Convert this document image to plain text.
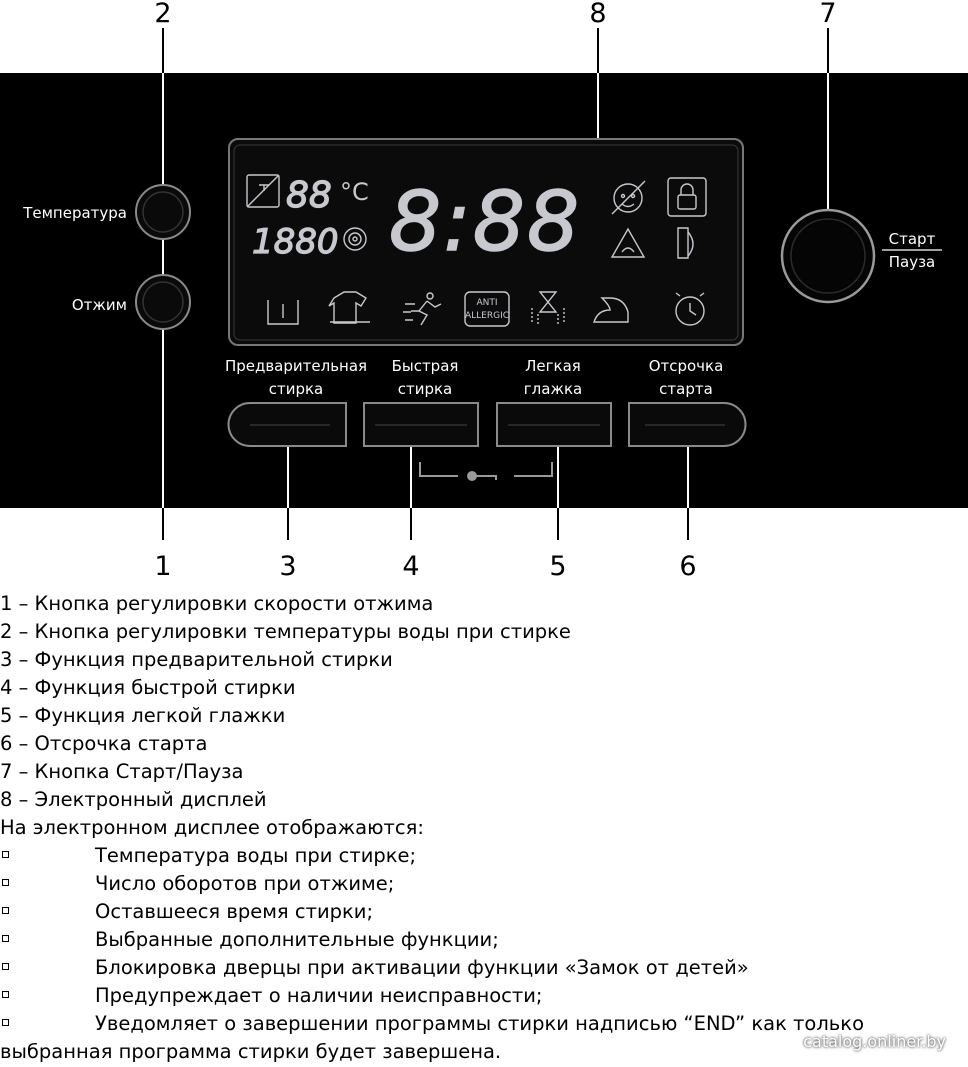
2	8	7
1	3	4	5	6
Температура
Отжим
Старт
Пауза
88 °C
1880 8:88
ANTI
ALLERGIC
Предварительная
стирка
Быстрая
стирка
Легкая
глажка
Отсрочка
старта
1 – Кнопка регулировки скорости отжима
2 – Кнопка регулировки температуры воды при стирке
3 – Функция предварительной стирки
4 – Функция быстрой стирки
5 – Функция легкой глажки
6 – Отсрочка старта
7 – Кнопка Старт/Пауза
8 – Электронный дисплей
На электронном дисплее отображаются:
Температура воды при стирке;
Число оборотов при отжиме;
Оставшееся время стирки;
Выбранные дополнительные функции;
Блокировка дверцы при активации функции «Замок от детей»
Предупреждает о наличии неисправности;
Уведомляет о завершении программы стирки надписью “END” как только
выбранная программа стирки будет завершена.	catalog.onliner.by
